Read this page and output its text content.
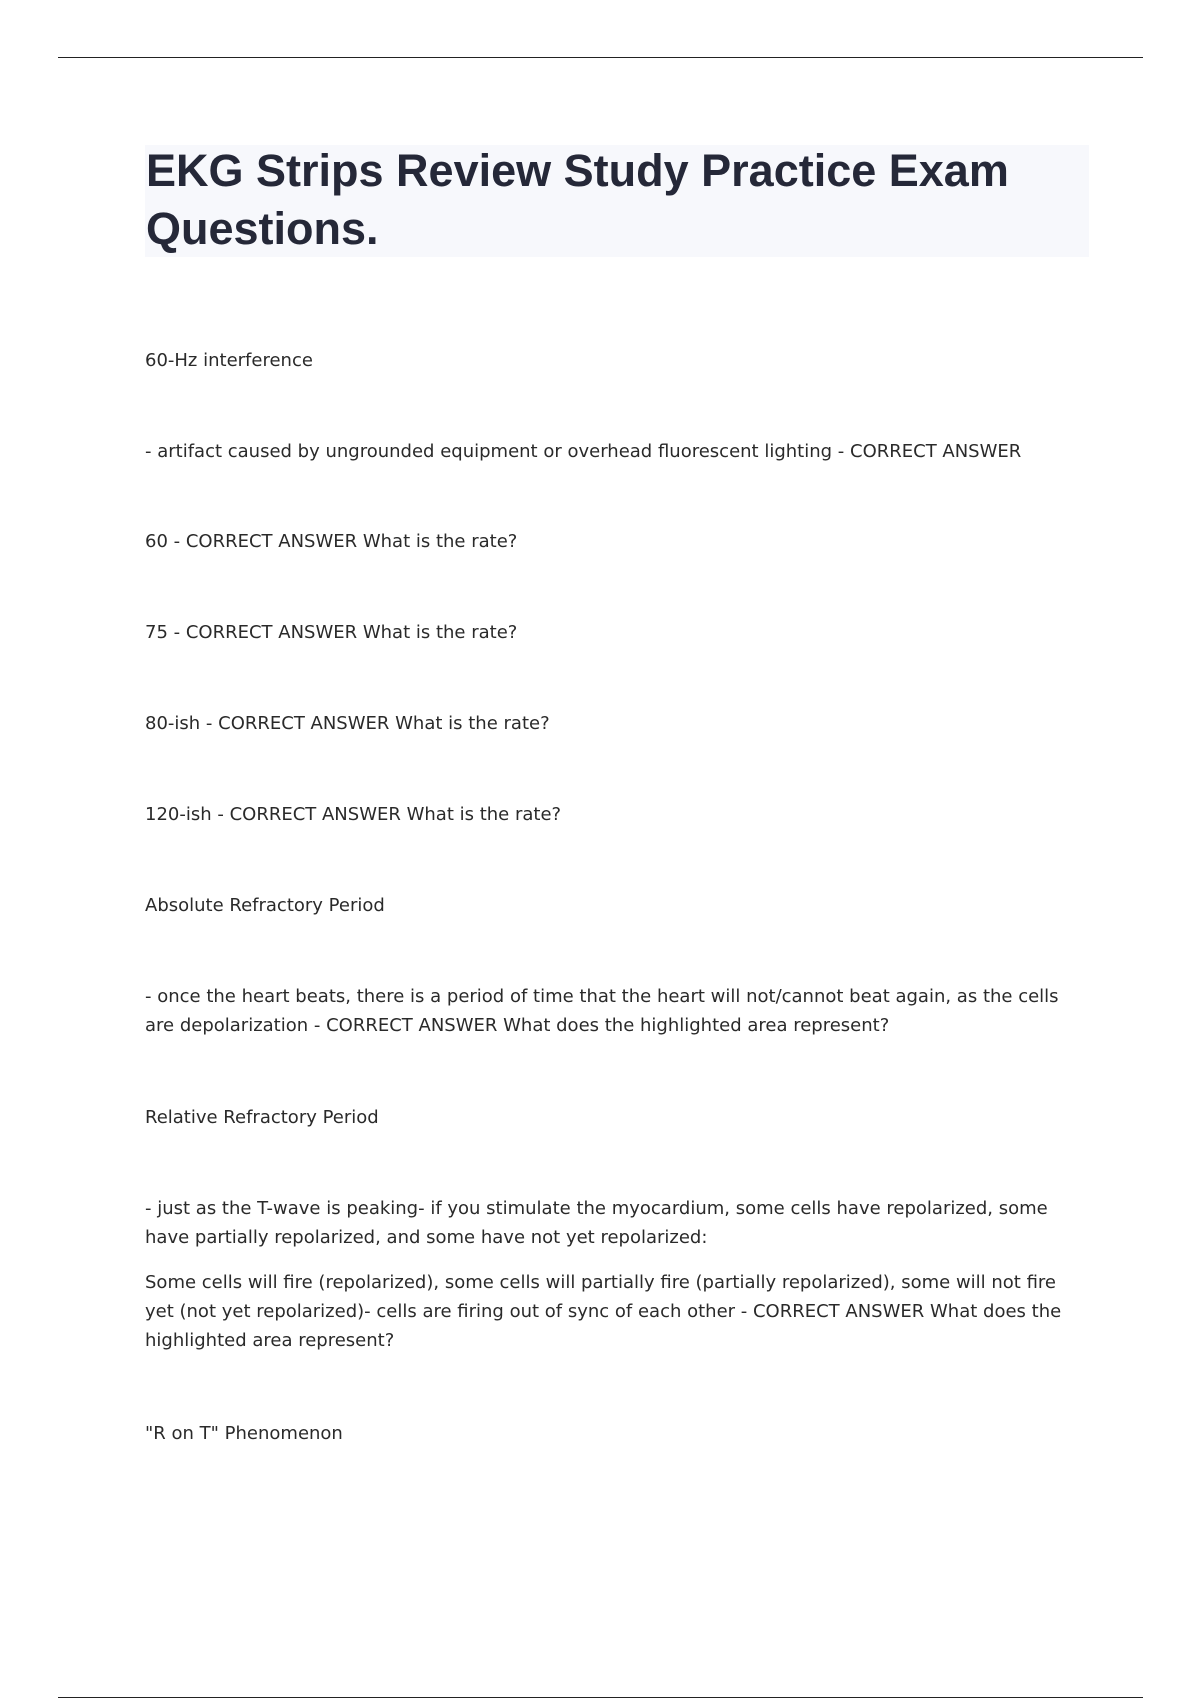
EKG Strips Review Study Practice Exam Questions.

60-Hz interference

- artifact caused by ungrounded equipment or overhead fluorescent lighting - CORRECT ANSWER

60 - CORRECT ANSWER What is the rate?

75 - CORRECT ANSWER What is the rate?

80-ish - CORRECT ANSWER What is the rate?

120-ish - CORRECT ANSWER What is the rate?

Absolute Refractory Period

- once the heart beats, there is a period of time that the heart will not/cannot beat again, as the cells are depolarization - CORRECT ANSWER What does the highlighted area represent?

Relative Refractory Period

- just as the T-wave is peaking- if you stimulate the myocardium, some cells have repolarized, some have partially repolarized, and some have not yet repolarized:

Some cells will fire (repolarized), some cells will partially fire (partially repolarized), some will not fire yet (not yet repolarized)- cells are firing out of sync of each other - CORRECT ANSWER What does the highlighted area represent?

"R on T" Phenomenon
